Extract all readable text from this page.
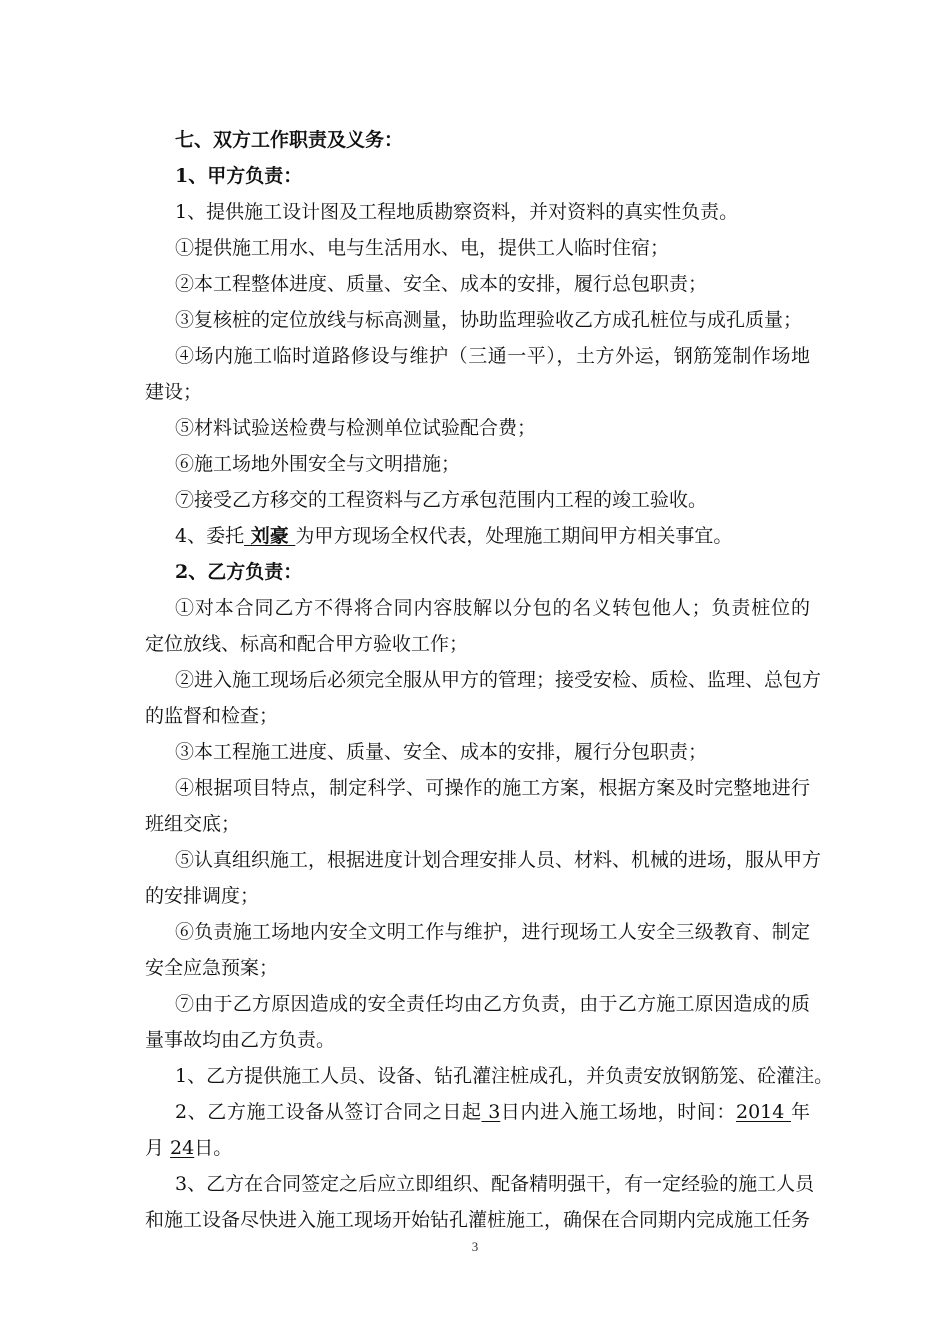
七、双方工作职责及义务：
1、甲方负责：
1、提供施工设计图及工程地质勘察资料，并对资料的真实性负责。
①提供施工用水、电与生活用水、电，提供工人临时住宿；
②本工程整体进度、质量、安全、成本的安排，履行总包职责；
③复核桩的定位放线与标高测量，协助监理验收乙方成孔桩位与成孔质量；
④场内施工临时道路修设与维护（三通一平），土方外运，钢筋笼制作场地
建设；
⑤材料试验送检费与检测单位试验配合费；
⑥施工场地外围安全与文明措施；
⑦接受乙方移交的工程资料与乙方承包范围内工程的竣工验收。
4、委托 刘豪 为甲方现场全权代表，处理施工期间甲方相关事宜。
2、乙方负责：
①对本合同乙方不得将合同内容肢解以分包的名义转包他人；负责桩位的
定位放线、标高和配合甲方验收工作；
②进入施工现场后必须完全服从甲方的管理；接受安检、质检、监理、总包方
的监督和检查；
③本工程施工进度、质量、安全、成本的安排，履行分包职责；
④根据项目特点，制定科学、可操作的施工方案，根据方案及时完整地进行
班组交底；
⑤认真组织施工，根据进度计划合理安排人员、材料、机械的进场，服从甲方
的安排调度；
⑥负责施工场地内安全文明工作与维护，进行现场工人安全三级教育、制定
安全应急预案；
⑦由于乙方原因造成的安全责任均由乙方负责，由于乙方施工原因造成的质
量事故均由乙方负责。
1、乙方提供施工人员、设备、钻孔灌注桩成孔，并负责安放钢筋笼、砼灌注。
2、乙方施工设备从签订合同之日起 3日内进入施工场地，时间：2014 年
月 24日。
3、乙方在合同签定之后应立即组织、配备精明强干，有一定经验的施工人员
和施工设备尽快进入施工现场开始钻孔灌桩施工，确保在合同期内完成施工任务
3
